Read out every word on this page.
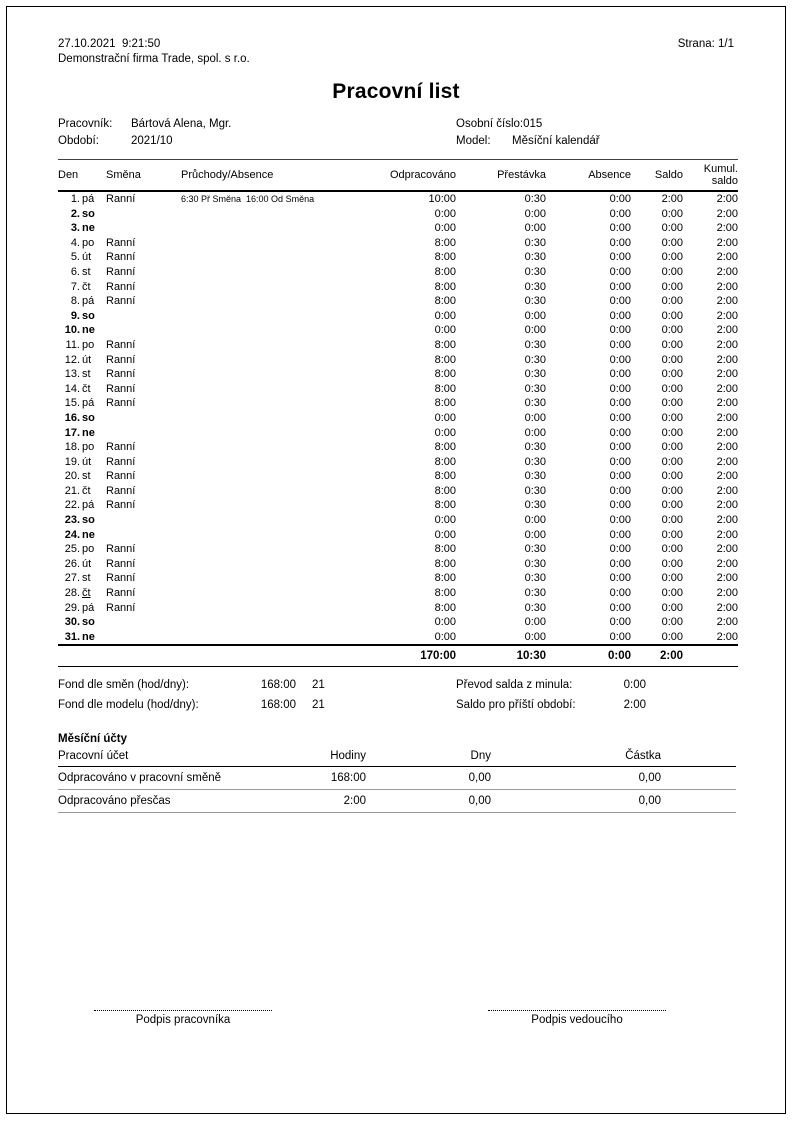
27.10.2021  9:21:50
Demonstrační firma Trade, spol. s r.o.
Strana: 1/1
Pracovní list
Pracovník:	Bártová Alena, Mgr.	Osobní číslo: 015
Období:	2021/10	Model:	Měsíční kalendář
Den	Směna	Průchody/Absence	Odpracováno	Přestávka	Absence	Saldo	Kumul. saldo
1. pá	Ranní	6:30 Př Směna  16:00 Od Směna	10:00	0:30	0:00	2:00	2:00
2. so			0:00	0:00	0:00	0:00	2:00
3. ne			0:00	0:00	0:00	0:00	2:00
4. po	Ranní		8:00	0:30	0:00	0:00	2:00
5. út	Ranní		8:00	0:30	0:00	0:00	2:00
6. st	Ranní		8:00	0:30	0:00	0:00	2:00
7. čt	Ranní		8:00	0:30	0:00	0:00	2:00
8. pá	Ranní		8:00	0:30	0:00	0:00	2:00
9. so			0:00	0:00	0:00	0:00	2:00
10. ne			0:00	0:00	0:00	0:00	2:00
11. po	Ranní		8:00	0:30	0:00	0:00	2:00
12. út	Ranní		8:00	0:30	0:00	0:00	2:00
13. st	Ranní		8:00	0:30	0:00	0:00	2:00
14. čt	Ranní		8:00	0:30	0:00	0:00	2:00
15. pá	Ranní		8:00	0:30	0:00	0:00	2:00
16. so			0:00	0:00	0:00	0:00	2:00
17. ne			0:00	0:00	0:00	0:00	2:00
18. po	Ranní		8:00	0:30	0:00	0:00	2:00
19. út	Ranní		8:00	0:30	0:00	0:00	2:00
20. st	Ranní		8:00	0:30	0:00	0:00	2:00
21. čt	Ranní		8:00	0:30	0:00	0:00	2:00
22. pá	Ranní		8:00	0:30	0:00	0:00	2:00
23. so			0:00	0:00	0:00	0:00	2:00
24. ne			0:00	0:00	0:00	0:00	2:00
25. po	Ranní		8:00	0:30	0:00	0:00	2:00
26. út	Ranní		8:00	0:30	0:00	0:00	2:00
27. st	Ranní		8:00	0:30	0:00	0:00	2:00
28. čt	Ranní		8:00	0:30	0:00	0:00	2:00
29. pá	Ranní		8:00	0:30	0:00	0:00	2:00
30. so			0:00	0:00	0:00	0:00	2:00
31. ne			0:00	0:00	0:00	0:00	2:00
			170:00	10:30	0:00	2:00	
Fond dle směn (hod/dny):	168:00 21	Převod salda z minula:	0:00
Fond dle modelu (hod/dny):	168:00 21	Saldo pro příští období:	2:00
Měsíční účty
Pracovní účet	Hodiny	Dny	Částka	
Odpracováno v pracovní směně	168:00	0,00	0,00	
Odpracováno přesčas	2:00	0,00	0,00	
Podpis pracovníka	Podpis vedoucího
